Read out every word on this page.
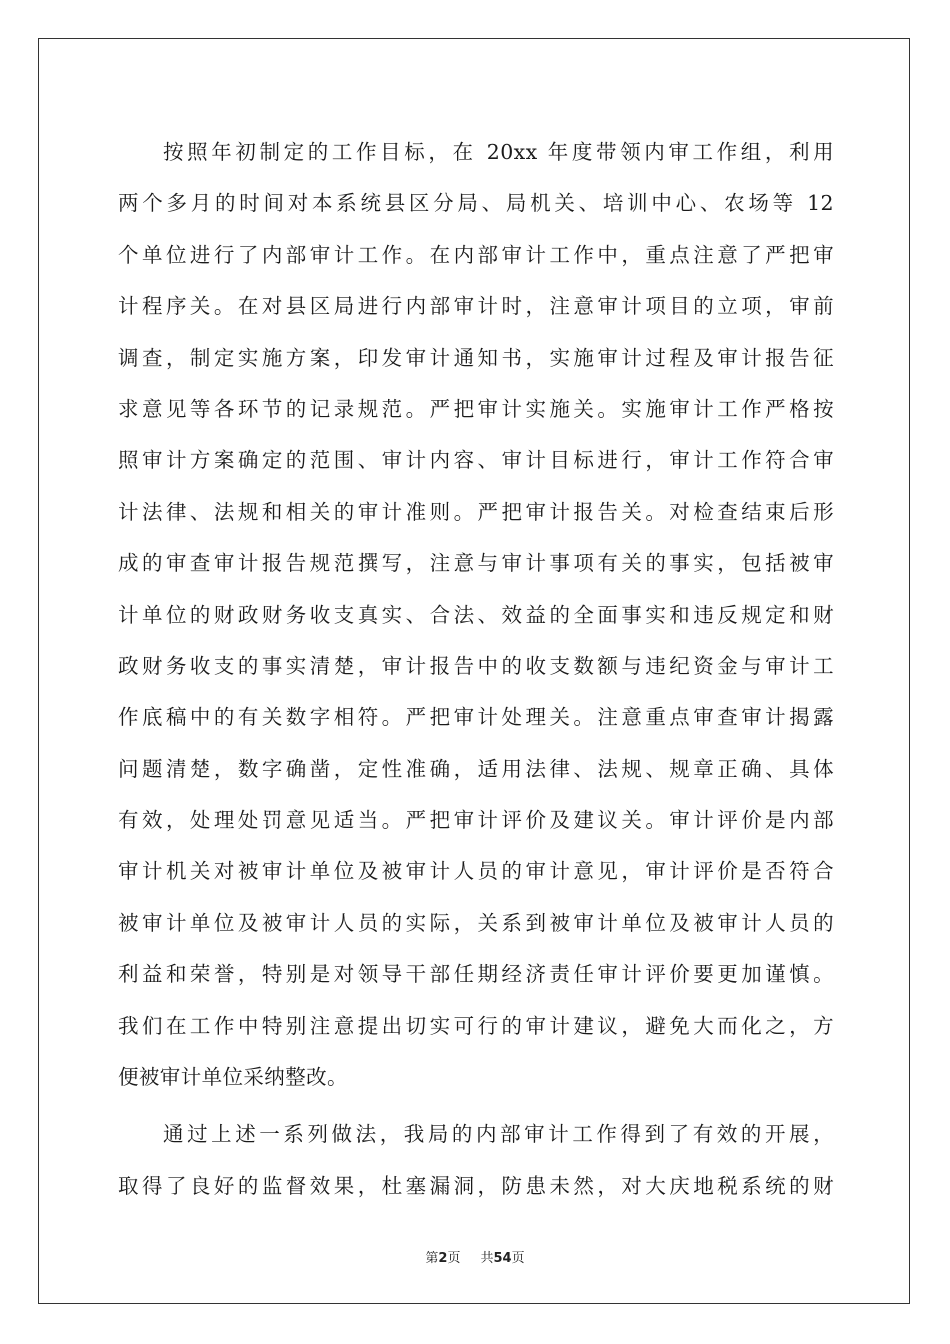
按照年初制定的工作目标，在 20xx 年度带领内审工作组，利用
两个多月的时间对本系统县区分局、局机关、培训中心、农场等 12
个单位进行了内部审计工作。在内部审计工作中，重点注意了严把审
计程序关。在对县区局进行内部审计时，注意审计项目的立项，审前
调查，制定实施方案，印发审计通知书，实施审计过程及审计报告征
求意见等各环节的记录规范。严把审计实施关。实施审计工作严格按
照审计方案确定的范围、审计内容、审计目标进行，审计工作符合审
计法律、法规和相关的审计准则。严把审计报告关。对检查结束后形
成的审查审计报告规范撰写，注意与审计事项有关的事实，包括被审
计单位的财政财务收支真实、合法、效益的全面事实和违反规定和财
政财务收支的事实清楚，审计报告中的收支数额与违纪资金与审计工
作底稿中的有关数字相符。严把审计处理关。注意重点审查审计揭露
问题清楚，数字确凿，定性准确，适用法律、法规、规章正确、具体
有效，处理处罚意见适当。严把审计评价及建议关。审计评价是内部
审计机关对被审计单位及被审计人员的审计意见，审计评价是否符合
被审计单位及被审计人员的实际，关系到被审计单位及被审计人员的
利益和荣誉，特别是对领导干部任期经济责任审计评价要更加谨慎。
我们在工作中特别注意提出切实可行的审计建议，避免大而化之，方
便被审计单位采纳整改。
通过上述一系列做法，我局的内部审计工作得到了有效的开展，
取得了良好的监督效果，杜塞漏洞，防患未然，对大庆地税系统的财
第2页 共54页
